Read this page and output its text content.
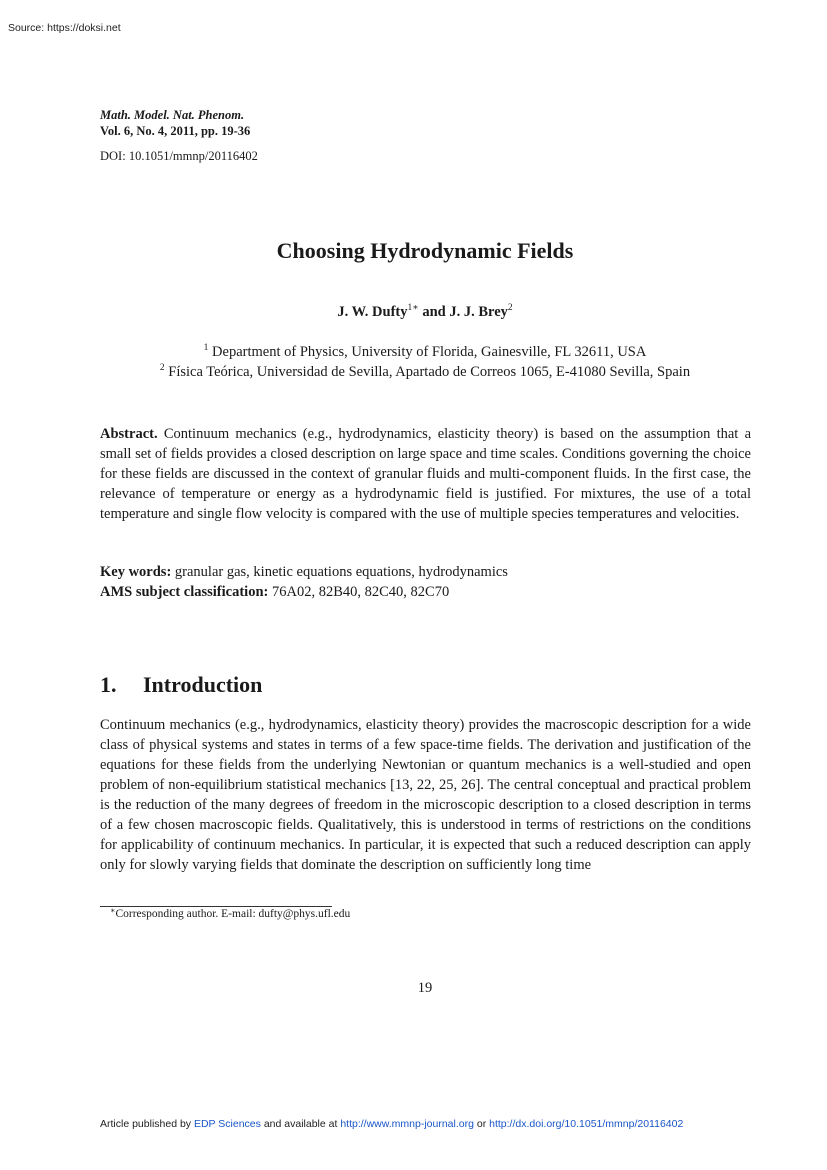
Source: https://doksi.net
Math. Model. Nat. Phenom.
Vol. 6, No. 4, 2011, pp. 19-36
DOI: 10.1051/mmnp/20116402
Choosing Hydrodynamic Fields
J. W. Dufty$^{1∗}$ and J. J. Brey$^2$
$^1$ Department of Physics, University of Florida, Gainesville, FL 32611, USA
$^2$ Física Teórica, Universidad de Sevilla, Apartado de Correos 1065, E-41080 Sevilla, Spain
Abstract. Continuum mechanics (e.g., hydrodynamics, elasticity theory) is based on the assumption that a small set of fields provides a closed description on large space and time scales. Conditions governing the choice for these fields are discussed in the context of granular fluids and multi-component fluids. In the first case, the relevance of temperature or energy as a hydrodynamic field is justified. For mixtures, the use of a total temperature and single flow velocity is compared with the use of multiple species temperatures and velocities.
Key words: granular gas, kinetic equations equations, hydrodynamics
AMS subject classification: 76A02, 82B40, 82C40, 82C70
1. Introduction
Continuum mechanics (e.g., hydrodynamics, elasticity theory) provides the macroscopic description for a wide class of physical systems and states in terms of a few space-time fields. The derivation and justification of the equations for these fields from the underlying Newtonian or quantum mechanics is a well-studied and open problem of non-equilibrium statistical mechanics [13, 22, 25, 26]. The central conceptual and practical problem is the reduction of the many degrees of freedom in the microscopic description to a closed description in terms of a few chosen macroscopic fields. Qualitatively, this is understood in terms of restrictions on the conditions for applicability of continuum mechanics. In particular, it is expected that such a reduced description can apply only for slowly varying fields that dominate the description on sufficiently long time
∗Corresponding author. E-mail: dufty@phys.ufl.edu
19
Article published by EDP Sciences and available at http://www.mmnp-journal.org or http://dx.doi.org/10.1051/mmnp/20116402
